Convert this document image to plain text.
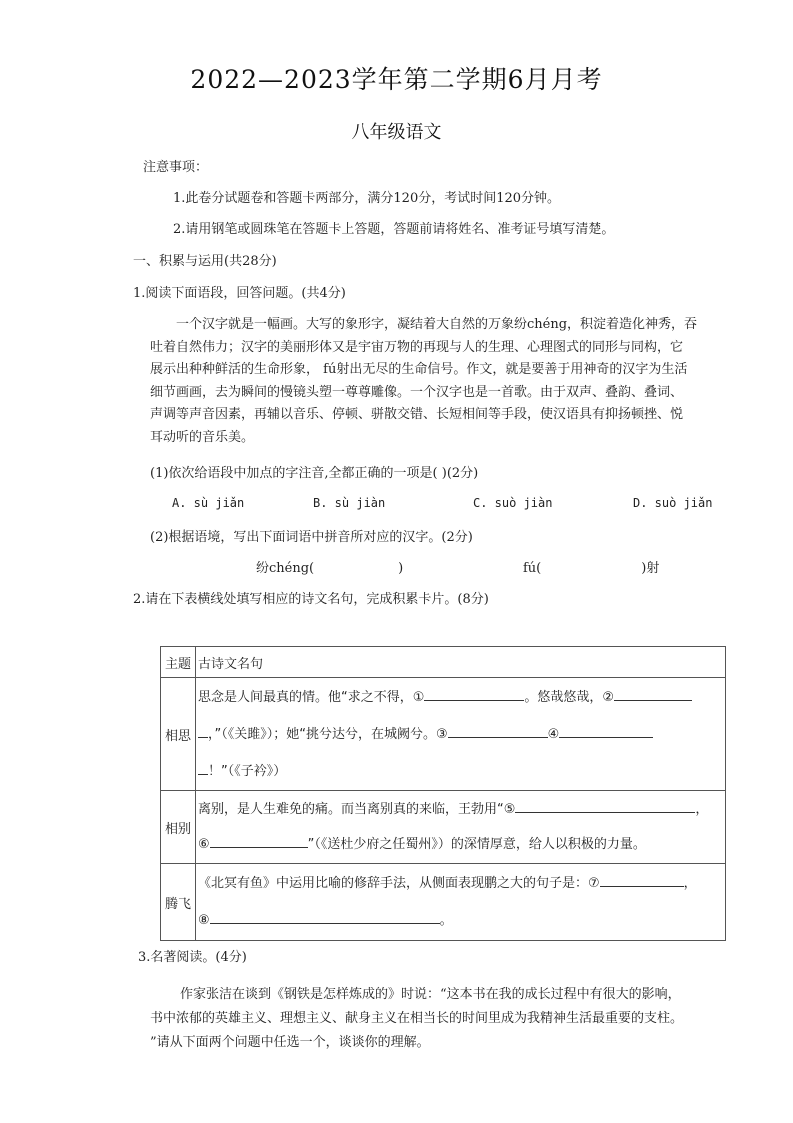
2022—2023学年第二学期6月月考
八年级语文
注意事项：
1.此卷分试题卷和答题卡两部分，满分120分，考试时间120分钟。
2.请用钢笔或圆珠笔在答题卡上答题，答题前请将姓名、准考证号填写清楚。
一、积累与运用(共28分)
1.阅读下面语段，回答问题。(共4分)
一个汉字就是一幅画。大写的象形字，凝结着大自然的万象纷chéng，积淀着造化神秀，吞
吐着自然伟力；汉字的美丽形体又是宇宙万物的再现与人的生理、心理图式的同形与同构，它
展示出种种鲜活的生命形象， fú射出无尽的生命信号。作文，就是要善于用神奇的汉字为生活
细节画画，去为瞬间的慢镜头塑一尊尊雕像。一个汉字也是一首歌。由于双声、叠韵、叠词、
声调等声音因素，再辅以音乐、停顿、骈散交错、长短相间等手段，使汉语具有抑扬顿挫、悦
耳动听的音乐美。
(1)依次给语段中加点的字注音,全都正确的一项是( )(2分)
A. sù jiǎn	B. sù jiàn	C. suò jiàn	D. suò jiǎn
(2)根据语境，写出下面词语中拼音所对应的汉字。(2分)
纷chéng(	)	fú(	)射
2.请在下表横线处填写相应的诗文名句，完成积累卡片。(8分)
主题	古诗文名句
相思	思念是人间最真的情。他“求之不得，① 。悠哉悠哉，②
，”（《关雎》）；她“挑兮达兮，在城阙兮。③ ④
！”（《子衿》）

相别	离别，是人生难免的痛。而当离别真的来临，王勃用“⑤ ，
⑥ ”（《送杜少府之任蜀州》）的深情厚意，给人以积极的力量。

腾飞	《北冥有鱼》中运用比喻的修辞手法，从侧面表现鹏之大的句子是：⑦ ，
⑧ 。
3.名著阅读。(4分)
作家张洁在谈到《钢铁是怎样炼成的》时说：“这本书在我的成长过程中有很大的影响，
书中浓郁的英雄主义、理想主义、献身主义在相当长的时间里成为我精神生活最重要的支柱。
”请从下面两个问题中任选一个，谈谈你的理解。
